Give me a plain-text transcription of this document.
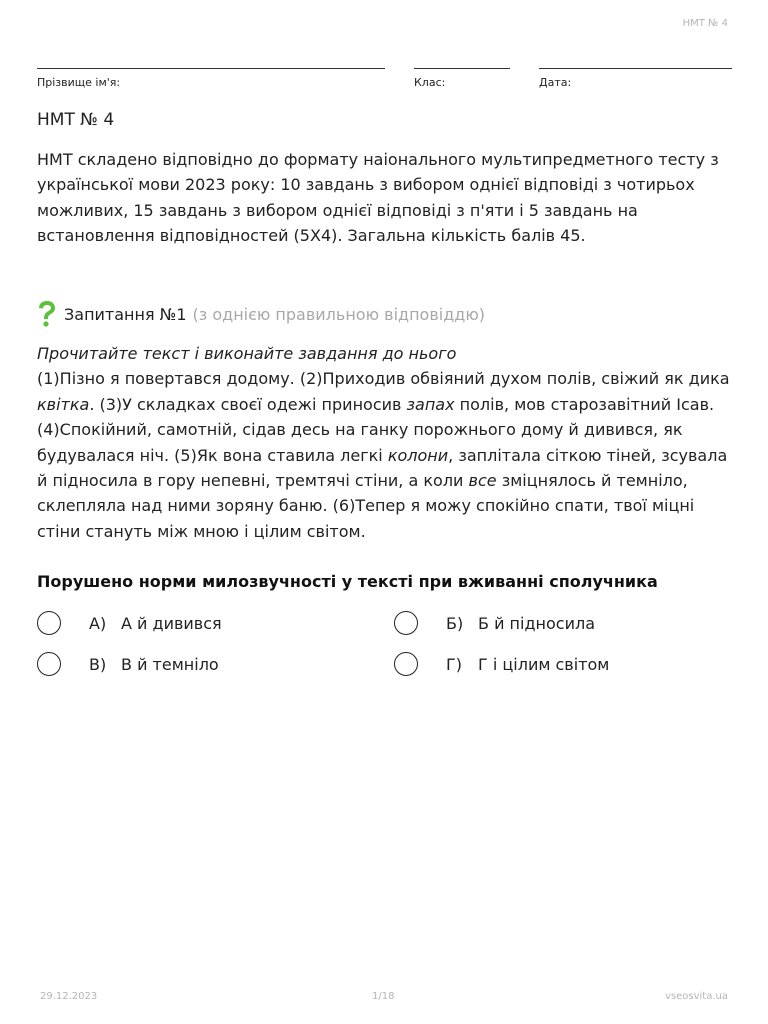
НМТ № 4
Прізвище ім'я:	Клас:	Дата:
НМТ № 4
НМТ складено відповідно до формату наіонального мультипредметного тесту з української мови 2023 року: 10 завдань з вибором однієї відповіді з чотирьох можливих, 15 завдань з вибором однієї відповіді з п'яти і 5 завдань на встановлення відповідностей (5Х4). Загальна кількість балів 45.
Запитання №1 (з однією правильною відповіддю)
Прочитайте текст і виконайте завдання до нього
(1)Пізно я повертався додому. (2)Приходив обвіяний духом полів, свіжий як дика квітка. (3)У складках своєї одежі приносив запах полів, мов старозавітний Ісав. (4)Спокійний, самотній, сідав десь на ганку порожнього дому й дивився, як будувалася ніч. (5)Як вона ставила легкі колони, заплітала сіткою тіней, зсувала й підносила в гору непевні, тремтячі стіни, а коли все зміцнялось й темніло, склепляла над ними зоряну баню. (6)Тепер я можу спокійно спати, твої міцні стіни стануть між мною і цілим світом.
Порушено норми милозвучності у тексті при вживанні сполучника
А) А й дивився	Б) Б й підносила
В) В й темніло	Г)	Г і цілим світом
29.12.2023	1/18	vseosvita.ua
